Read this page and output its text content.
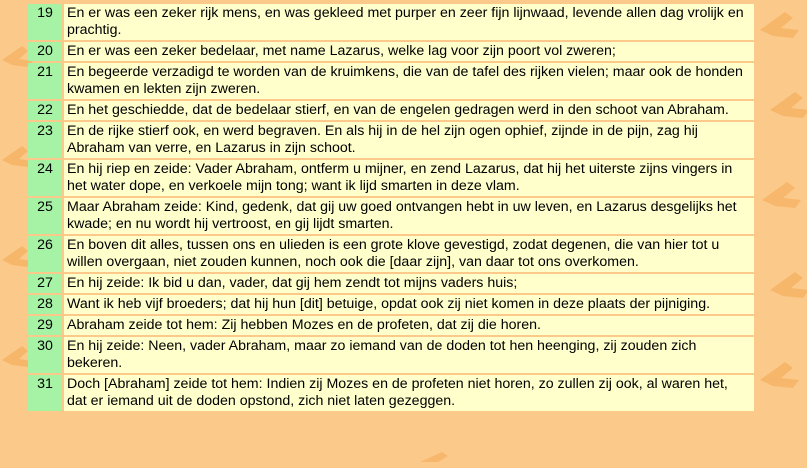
19	En er was een zeker rijk mens, en was gekleed met purper en zeer fijn lijnwaad, levende allen dag vrolijk en prachtig.
20	En er was een zeker bedelaar, met name Lazarus, welke lag voor zijn poort vol zweren;
21	En begeerde verzadigd te worden van de kruimkens, die van de tafel des rijken vielen; maar ook de honden kwamen en lekten zijn zweren.
22	En het geschiedde, dat de bedelaar stierf, en van de engelen gedragen werd in den schoot van Abraham.
23	En de rijke stierf ook, en werd begraven. En als hij in de hel zijn ogen ophief, zijnde in de pijn, zag hij Abraham van verre, en Lazarus in zijn schoot.
24	En hij riep en zeide: Vader Abraham, ontferm u mijner, en zend Lazarus, dat hij het uiterste zijns vingers in het water dope, en verkoele mijn tong; want ik lijd smarten in deze vlam.
25	Maar Abraham zeide: Kind, gedenk, dat gij uw goed ontvangen hebt in uw leven, en Lazarus desgelijks het kwade; en nu wordt hij vertroost, en gij lijdt smarten.
26	En boven dit alles, tussen ons en ulieden is een grote klove gevestigd, zodat degenen, die van hier tot u willen overgaan, niet zouden kunnen, noch ook die [daar zijn], van daar tot ons overkomen.
27	En hij zeide: Ik bid u dan, vader, dat gij hem zendt tot mijns vaders huis;
28	Want ik heb vijf broeders; dat hij hun [dit] betuige, opdat ook zij niet komen in deze plaats der pijniging.
29	Abraham zeide tot hem: Zij hebben Mozes en de profeten, dat zij die horen.
30	En hij zeide: Neen, vader Abraham, maar zo iemand van de doden tot hen heenging, zij zouden zich bekeren.
31	Doch [Abraham] zeide tot hem: Indien zij Mozes en de profeten niet horen, zo zullen zij ook, al waren het, dat er iemand uit de doden opstond, zich niet laten gezeggen.
